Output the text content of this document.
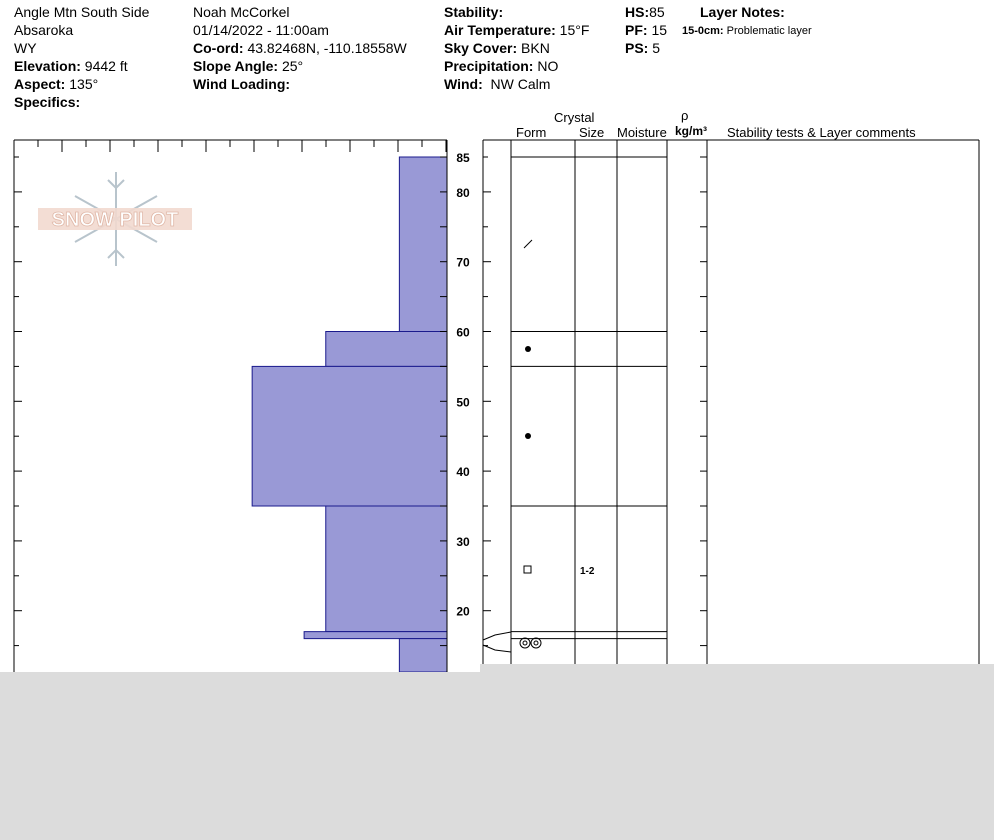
SNOW PILOT
20
30
40
50
60
70
80
85
1-2
Angle Mtn South Side
Absaroka
WY
Elevation: 9442 ft
Aspect: 135°
Specifics:
Noah McCorkel
01/14/2022 - 11:00am
Co-ord: 43.82468N, -110.18558W
Slope Angle: 25°
Wind Loading:
Stability:
Air Temperature: 15°F
Sky Cover: BKN
Precipitation: NO
Wind: NW Calm
HS:85
PF: 15
PS: 5
Layer Notes:
15-0cm: Problematic layer
Crystal
Form	Size Moisture
ρ
kg/m³ Stability tests & Layer comments
